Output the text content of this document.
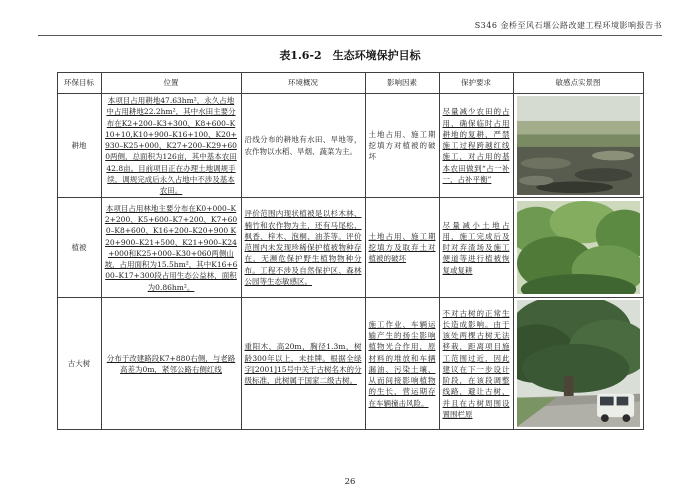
S346 金桥至风石堰公路改建工程环境影响报告书
表1.6-2　生态环境保护目标
环保目标	位置	环境概况	影响因素	保护要求	敏感点实景图
耕地	本项目占用耕地47.63hm²，永久占地中占用耕地22.2hm²，其中水田主要分布在K2+200–K3+300、K8+600–K10+10,K10+900–K16+100、K20+930–K25+000、K27+200–K29+600两侧，总面积为126亩，其中基本农田42.8亩。目前项目正在办理土地调规手续，调规完成后永久占地中不涉及基本农田。	沿线分布的耕地有水田、旱地等，农作物以水稻、旱烟、蔬菜为主。	土地占用、施工期挖填方对植被的破坏	尽量减少农田的占用，确保临时占用耕地的复耕，严禁施工过程跨越红线施工，对占用的基本农田做到“占一补一，占补平衡”	

植被	本项目占用林地主要分布在K0+000–K2+200、K5+600–K7+200、K7+600–K8+600、K16+200–K20+900 K20+900–K21+500、K21+900–K24+000和K25+000–K30+060两侧山坡，占用面积为15.5hm²，其中K16+600–K17+300段占用生态公益林，面积为0.86hm²。	评价范围内现状植被是以杉木林、楠竹和农作物为主，还有马尾松、枫香、梓木、泡桐、油茶等。评价范围内未发现珍稀保护植被物种存在，无濒危保护野生植物物种分布。工程不涉及自然保护区、森林公园等生态敏感区。	土地占用、施工期挖填方及取弃土对植被的破坏	尽量减小土地占用，施工完成后及时对弃渣场及施工便道等进行植被恢复或复耕	

古大树	分布于改建路段K7+880右侧，与老路高差为0m，紧邻公路右侧红线	重阳木，高20m，胸径1.3m，树龄300年以上，未挂牌。根据全绿字[2001]15号中关于古树名木的分级标准，此树属于国家二级古树。	施工作业、车辆运输产生的扬尘影响植物光合作用，原材料的堆放和车辆漏油、污染土壤，从而间接影响植物的生长，营运期存在车辆撞击风险。	不对古树的正常生长造成影响。由于该处两棵古树无法移栽，距离项目施工范围过近，因此建议在下一步设计阶段，在该段调整线路，避让古树，并且在古树周围设置围栏原	
26
